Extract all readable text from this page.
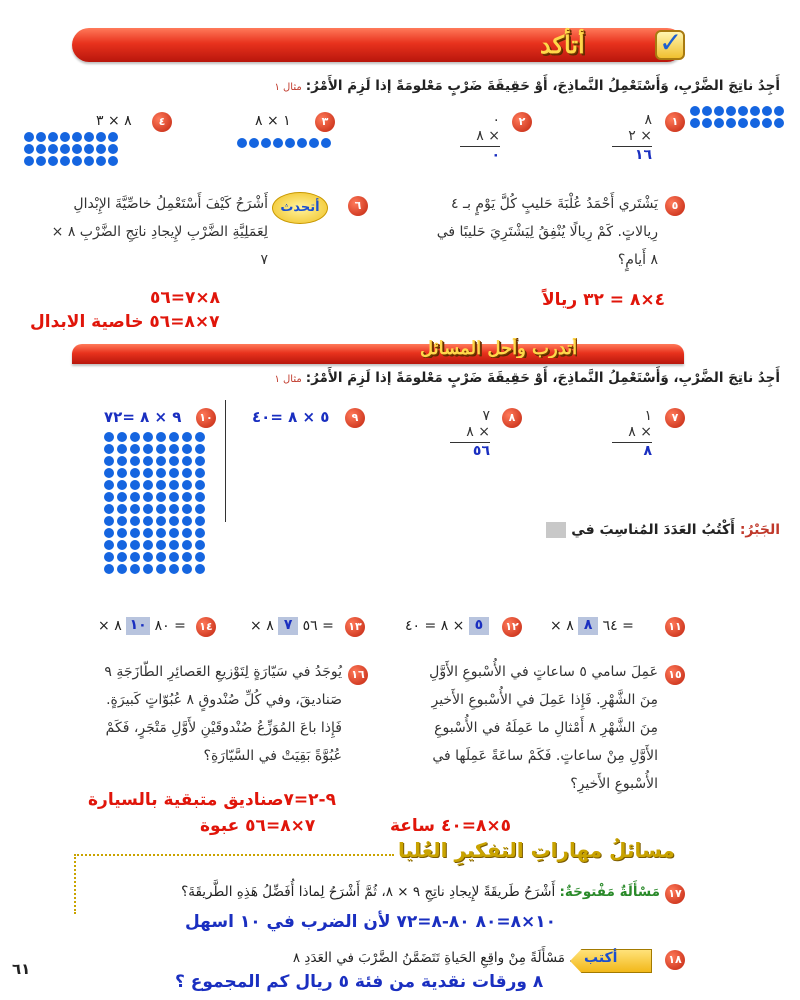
أتأكد	✓
أَجِدُ ناتِجَ الضَّرْبِ، وَأَسْتَعْمِلُ النَّماذِجَ، أَوْ حَقِيقَةَ ضَرْبٍ مَعْلومَةً إذا لَزِمَ الأَمْرُ:مثال ١
١
٨
٢ ×
١٦
٢
٠
٨ ×
٠
٣
١ × ٨
٤
٨ × ٣
٥
يَشْتَري أَحْمَدُ عُلْبَةَ حَليبٍ كُلَّ يَوْمٍ بـ ٤ رِيالاتٍ. كَمْ رِيالًا يُنْفِقُ لِيَشْتَرِيَ حَليبًا في ٨ أَيامٍ؟
٤×٨ = ٣٢ ريالاً
٦
أتحدث
أَشْرَحُ كَيْفَ أَسْتَعْمِلُ خاصِّيَّةَ الإِبْدالِ لِعَمَلِيَّةِ الضَّرْبِ لإِيجادِ ناتِجِ الضَّرْبِ ٨ × ٧
٨×٧=٥٦
٧×٨=٥٦ خاصية الابدال
أتدرب وأحل المسائل
أَجِدُ ناتِجَ الضَّرْبِ، وَأَسْتَعْمِلُ النَّماذِجَ، أَوْ حَقِيقَةَ ضَرْبٍ مَعْلومَةً إذا لَزِمَ الأَمْرُ:مثال ١
٧
١
٨ ×
٨
٨
٧
٨ ×
٥٦
٩
٥ × ٨ =٤٠
١٠
٩ × ٨ =٧٢
الجَبْرُ: أَكْتُبُ العَدَدَ المُناسِبَ في
١١
= ٦٤ ٨ ٨ ×
١٢
٥ × ٨ = ٤٠
١٣
= ٥٦ ٧ ٨ ×
١٤
= ٨٠ ١٠ ٨ ×
١٥
عَمِلَ سامي ٥ ساعاتٍ في الأُسْبوعِ الأَوَّلِ مِنَ الشَّهْرِ. فَإِذا عَمِلَ في الأُسْبوعِ الأَخيرِ مِنَ الشَّهْرِ ٨ أَمْثالِ ما عَمِلَهُ في الأُسْبوعِ الأَوَّلِ مِنْ ساعاتٍ. فَكَمْ ساعَةً عَمِلَها في الأُسْبوعِ الأَخيرِ؟
٥×٨=٤٠ ساعة
١٦
يُوجَدُ في سَيّارَةٍ لِتَوْزيعِ العَصائِرِ الطّازَجَةِ ٩ صَناديقَ، وفي كُلِّ صُنْدوقٍ ٨ عُبُوّاتٍ كَبيرَةٍ. فَإِذا باعَ المُوَزِّعُ صُنْدوقَيْنِ لأَوَّلِ مَتْجَرٍ، فَكَمْ عُبُوَّةً بَقِيَتْ في السَّيّارَةِ؟
٩-٢=٧صناديق متبقية بالسيارة
٧×٨=٥٦ عبوة
مسائلُ مهاراتِ التفكيرِ العُليا
١٧
مَسْأَلَةٌ مَفْتوحَةٌ: أَشْرَحُ طَريقَةً لإِيجادِ ناتِجِ ٩ × ٨، ثُمَّ أَشْرَحُ لِماذا أُفَضِّلُ هَذِهِ الطَّريقَةَ؟
١٠×٨=٨٠ ٨٠-٨=٧٢ لأن الضرب في ١٠ اسهل
١٨
أكتب
مَسْأَلَةً مِنْ واقِعِ الحَياةِ تَتَضَمَّنُ الضَّرْبَ في العَدَدِ ٨
٨ ورقات نقدية من فئة ٥ ريال كم المجموع ؟
٦١
